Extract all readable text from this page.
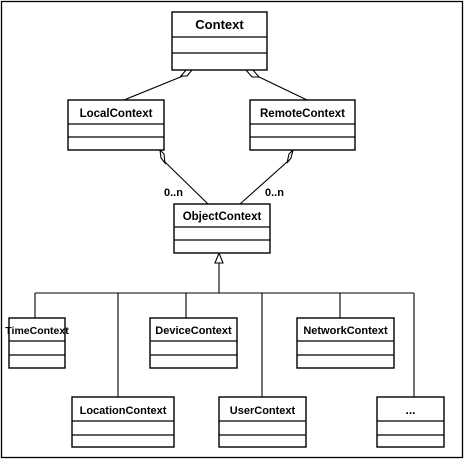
0..n	0..n
Context
LocalContext	RemoteContext
ObjectContext
TimeContext	DeviceContext	NetworkContext
LocationContext	UserContext	...
